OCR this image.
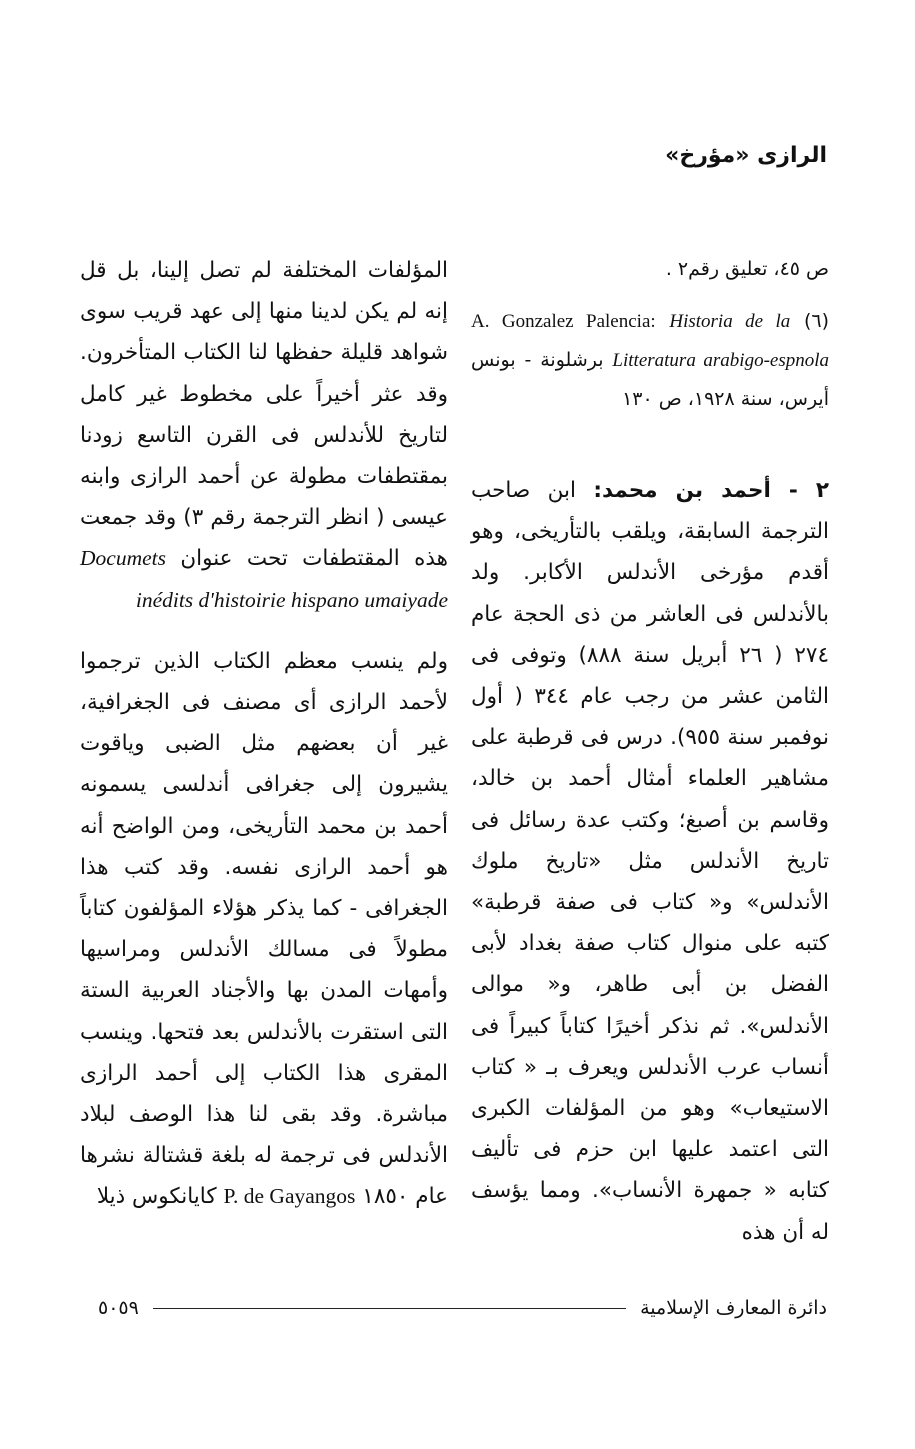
الرازى «مؤرخ»

ص ٤٥، تعليق رقم٢ .

(٦) A. Gonzalez Palencia: Historia de la Litteratura arabigo-espnola برشلونة - بونس أيرس، سنة ١٩٢٨، ص ١٣٠

٢ - أحمد بن محمد: ابن صاحب الترجمة السابقة، ويلقب بالتأريخى، وهو أقدم مؤرخى الأندلس الأكابر. ولد بالأندلس فى العاشر من ذى الحجة عام ٢٧٤ ( ٢٦ أبريل سنة ٨٨٨) وتوفى فى الثامن عشر من رجب عام ٣٤٤ ( أول نوفمبر سنة ٩٥٥). درس فى قرطبة على مشاهير العلماء أمثال أحمد بن خالد، وقاسم بن أصبغ؛ وكتب عدة رسائل فى تاريخ الأندلس مثل «تاريخ ملوك الأندلس» و« كتاب فى صفة قرطبة» كتبه على منوال كتاب صفة بغداد لأبى الفضل بن أبى طاهر، و« موالى الأندلس». ثم نذكر أخيرًا كتاباً كبيراً فى أنساب عرب الأندلس ويعرف بـ « كتاب الاستيعاب» وهو من المؤلفات الكبرى التى اعتمد عليها ابن حزم فى تأليف كتابه « جمهرة الأنساب». ومما يؤسف له أن هذه

المؤلفات المختلفة لم تصل إلينا، بل قل إنه لم يكن لدينا منها إلى عهد قريب سوى شواهد قليلة حفظها لنا الكتاب المتأخرون. وقد عثر أخيراً على مخطوط غير كامل لتاريخ للأندلس فى القرن التاسع زودنا بمقتطفات مطولة عن أحمد الرازى وابنه عيسى ( انظر الترجمة رقم ٣) وقد جمعت هذه المقتطفات تحت عنوان Documets inédits d'histoirie hispano umaiyade

ولم ينسب معظم الكتاب الذين ترجموا لأحمد الرازى أى مصنف فى الجغرافية، غير أن بعضهم مثل الضبى وياقوت يشيرون إلى جغرافى أندلسى يسمونه أحمد بن محمد التأريخى، ومن الواضح أنه هو أحمد الرازى نفسه. وقد كتب هذا الجغرافى - كما يذكر هؤلاء المؤلفون كتاباً مطولاً فى مسالك الأندلس ومراسيها وأمهات المدن بها والأجناد العربية الستة التى استقرت بالأندلس بعد فتحها. وينسب المقرى هذا الكتاب إلى أحمد الرازى مباشرة. وقد بقى لنا هذا الوصف لبلاد الأندلس فى ترجمة له بلغة قشتالة نشرها عام ١٨٥٠ P. de Gayangos كايانكوس ذيلا

دائرة المعارف الإسلامية
٥٠٥٩
